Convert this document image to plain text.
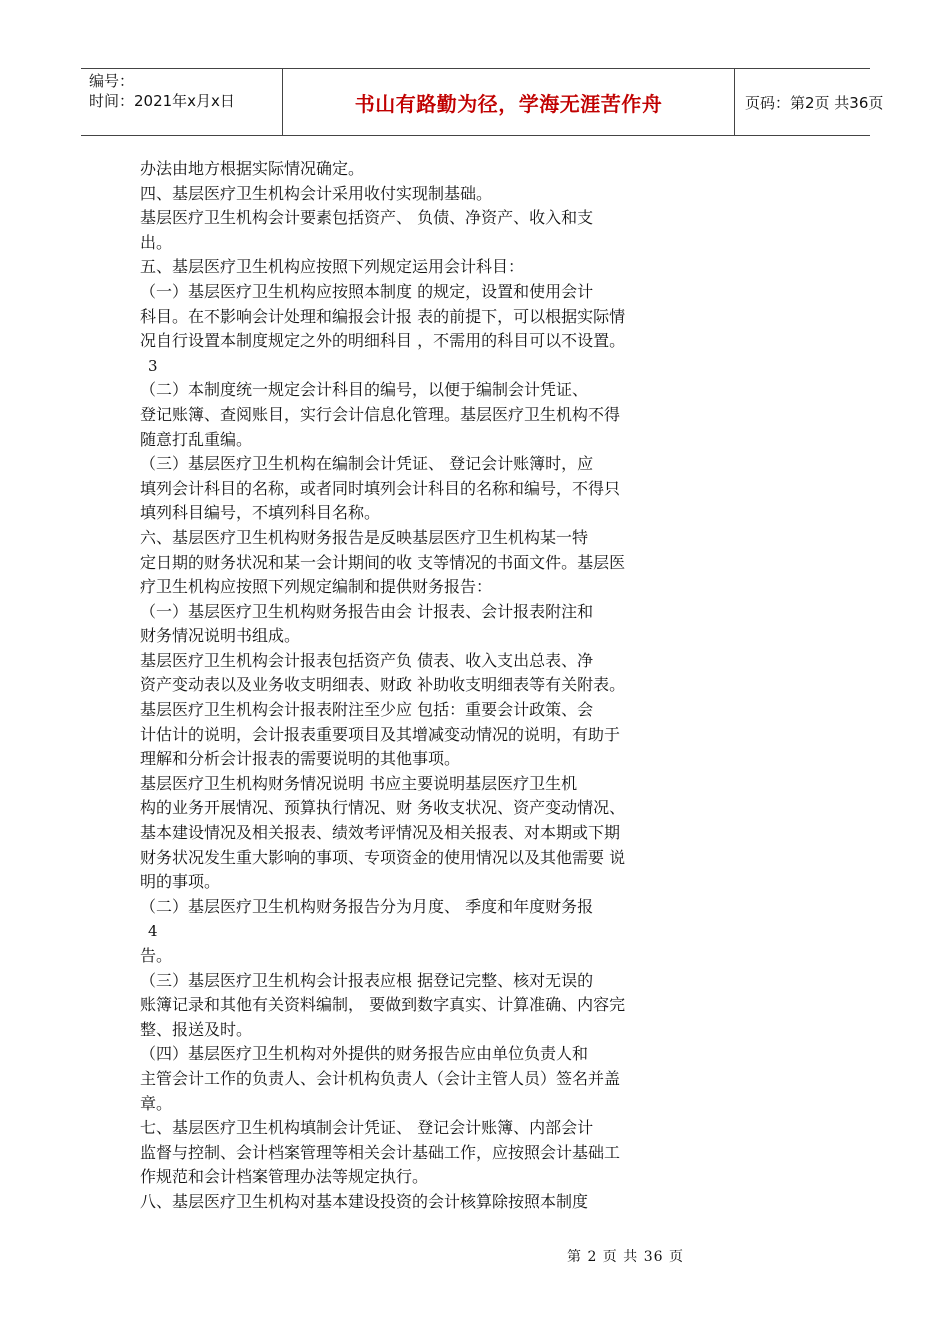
编号：
时间：2021年x月x日	书山有路勤为径，学海无涯苦作舟	页码：第2页 共36页
办法由地方根据实际情况确定。
四、基层医疗卫生机构会计采用收付实现制基础。
基层医疗卫生机构会计要素包括资产、 负债、净资产、收入和支
出。
五、基层医疗卫生机构应按照下列规定运用会计科目：
（一）基层医疗卫生机构应按照本制度 的规定，设置和使用会计
科目。在不影响会计处理和编报会计报 表的前提下，可以根据实际情
况自行设置本制度规定之外的明细科目 ，不需用的科目可以不设置。
3
（二）本制度统一规定会计科目的编号，以便于编制会计凭证、
登记账簿、查阅账目，实行会计信息化管理。基层医疗卫生机构不得
随意打乱重编。
（三）基层医疗卫生机构在编制会计凭证、 登记会计账簿时，应
填列会计科目的名称，或者同时填列会计科目的名称和编号，不得只
填列科目编号，不填列科目名称。
六、基层医疗卫生机构财务报告是反映基层医疗卫生机构某一特
定日期的财务状况和某一会计期间的收 支等情况的书面文件。基层医
疗卫生机构应按照下列规定编制和提供财务报告：
（一）基层医疗卫生机构财务报告由会 计报表、会计报表附注和
财务情况说明书组成。
基层医疗卫生机构会计报表包括资产负 债表、收入支出总表、净
资产变动表以及业务收支明细表、财政 补助收支明细表等有关附表。
基层医疗卫生机构会计报表附注至少应 包括：重要会计政策、会
计估计的说明，会计报表重要项目及其增减变动情况的说明，有助于
理解和分析会计报表的需要说明的其他事项。
基层医疗卫生机构财务情况说明 书应主要说明基层医疗卫生机
构的业务开展情况、预算执行情况、财 务收支状况、资产变动情况、
基本建设情况及相关报表、绩效考评情况及相关报表、对本期或下期
财务状况发生重大影响的事项、专项资金的使用情况以及其他需要 说
明的事项。
（二）基层医疗卫生机构财务报告分为月度、 季度和年度财务报
4
告。
（三）基层医疗卫生机构会计报表应根 据登记完整、核对无误的
账簿记录和其他有关资料编制， 要做到数字真实、计算准确、内容完
整、报送及时。
（四）基层医疗卫生机构对外提供的财务报告应由单位负责人和
主管会计工作的负责人、会计机构负责人（会计主管人员）签名并盖
章。
七、基层医疗卫生机构填制会计凭证、 登记会计账簿、内部会计
监督与控制、会计档案管理等相关会计基础工作，应按照会计基础工
作规范和会计档案管理办法等规定执行。
八、基层医疗卫生机构对基本建设投资的会计核算除按照本制度
第 2 页 共 36 页
